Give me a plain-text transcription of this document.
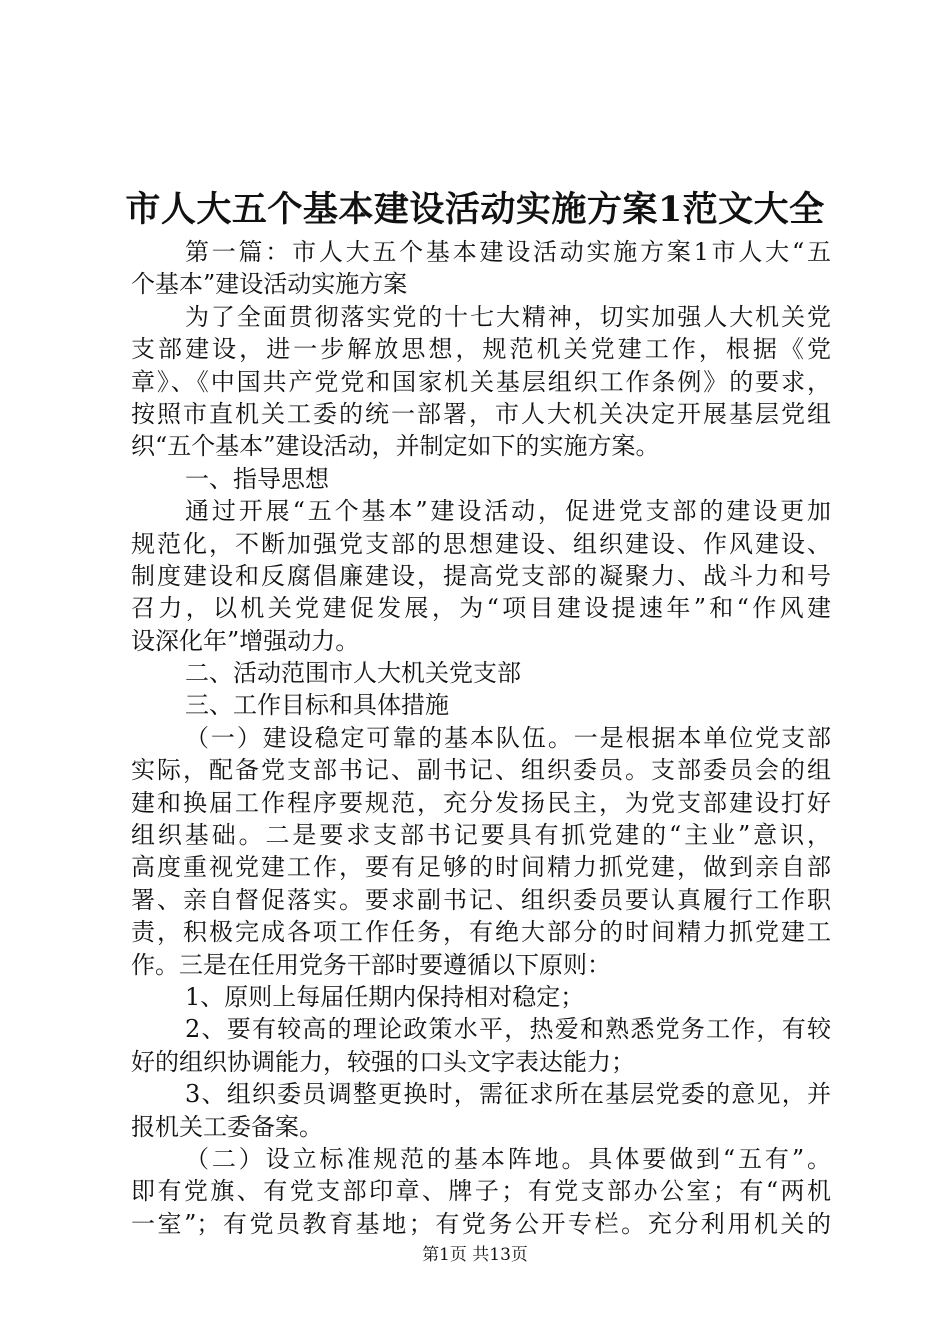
市人大五个基本建设活动实施方案1范文大全
第一篇：市人大五个基本建设活动实施方案1市人大“五
个基本”建设活动实施方案
为了全面贯彻落实党的十七大精神，切实加强人大机关党
支部建设，进一步解放思想，规范机关党建工作，根据《党
章》、《中国共产党党和国家机关基层组织工作条例》的要求，
按照市直机关工委的统一部署，市人大机关决定开展基层党组
织“五个基本”建设活动，并制定如下的实施方案。
一、指导思想
通过开展“五个基本”建设活动，促进党支部的建设更加
规范化，不断加强党支部的思想建设、组织建设、作风建设、
制度建设和反腐倡廉建设，提高党支部的凝聚力、战斗力和号
召力，以机关党建促发展，为“项目建设提速年”和“作风建
设深化年”增强动力。
二、活动范围市人大机关党支部
三、工作目标和具体措施
（一）建设稳定可靠的基本队伍。一是根据本单位党支部
实际，配备党支部书记、副书记、组织委员。支部委员会的组
建和换届工作程序要规范，充分发扬民主，为党支部建设打好
组织基础。二是要求支部书记要具有抓党建的“主业”意识，
高度重视党建工作，要有足够的时间精力抓党建，做到亲自部
署、亲自督促落实。要求副书记、组织委员要认真履行工作职
责，积极完成各项工作任务，有绝大部分的时间精力抓党建工
作。三是在任用党务干部时要遵循以下原则：
1、原则上每届任期内保持相对稳定；
2、要有较高的理论政策水平，热爱和熟悉党务工作，有较
好的组织协调能力，较强的口头文字表达能力；
3、组织委员调整更换时，需征求所在基层党委的意见，并
报机关工委备案。
（二）设立标准规范的基本阵地。具体要做到“五有”。
即有党旗、有党支部印章、牌子；有党支部办公室；有“两机
一室”；有党员教育基地；有党务公开专栏。充分利用机关的
第1页 共13页
